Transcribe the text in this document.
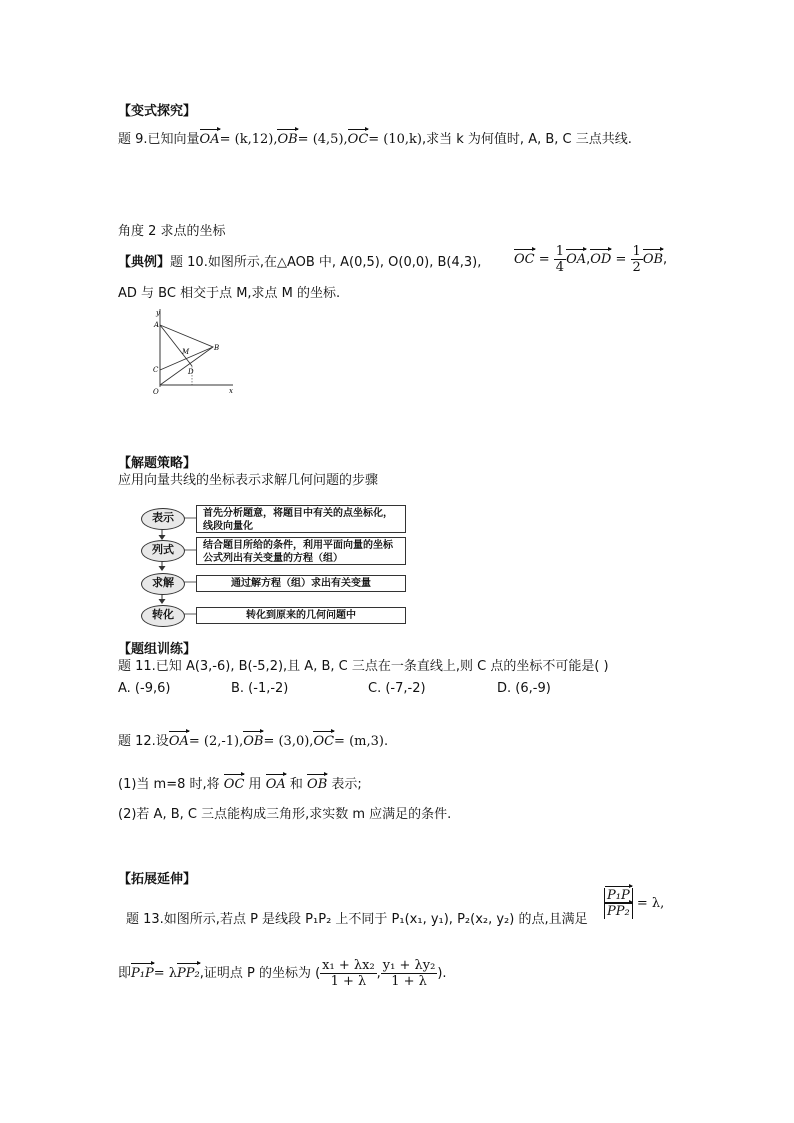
【变式探究】
题 9.已知向量OA= (k,12),OB= (4,5),OC= (10,k),求当 k 为何值时, A, B, C 三点共线.
角度 2 求点的坐标
【典例】题 10.如图所示,在△AOB 中, A(0,5), O(0,0), B(4,3),	OC = $\frac{1}{4} OA,OD = \frac{1}{2}$ OB,
AD 与 BC 相交于点 M,求点 M 的坐标.
y
x
A
B
C	D
M
O
【解题策略】
应用向量共线的坐标表示求解几何问题的步骤
表示	首先分析题意，将题目中有关的点坐标化，线段向量化
列式	结合题目所给的条件，利用平面向量的坐标公式列出有关变量的方程（组）
求解	通过解方程（组）求出有关变量
转化	转化到原来的几何问题中
【题组训练】
题 11.已知 A(3,-6), B(-5,2),且 A, B, C 三点在一条直线上,则 C 点的坐标不可能是( )
A. (-9,6)	B. (-1,-2)	C. (-7,-2)	D. (6,-9)
题 12.设OA= (2,-1),OB= (3,0),OC= (m,3).
(1)当 m=8 时,将 OC 用 OA 和 OB 表示;
(2)若 A, B, C 三点能构成三角形,求实数 m 应满足的条件.
【拓展延伸】
题 13.如图所示,若点 P 是线段 P₁P₂ 上不同于 P₁(x₁, y₁), P₂(x₂, y₂) 的点,且满足
$\frac{\text{P₁P}}{\text{PP₂}} = \lambda$,
即P₁P= λPP₂,证明点 P 的坐标为 ( $\frac{\text{x₁ + λx₂}}{1 + \lambda}$ , $\frac{\text{y₁ + λy₂}}{1 + \lambda}$ ).
